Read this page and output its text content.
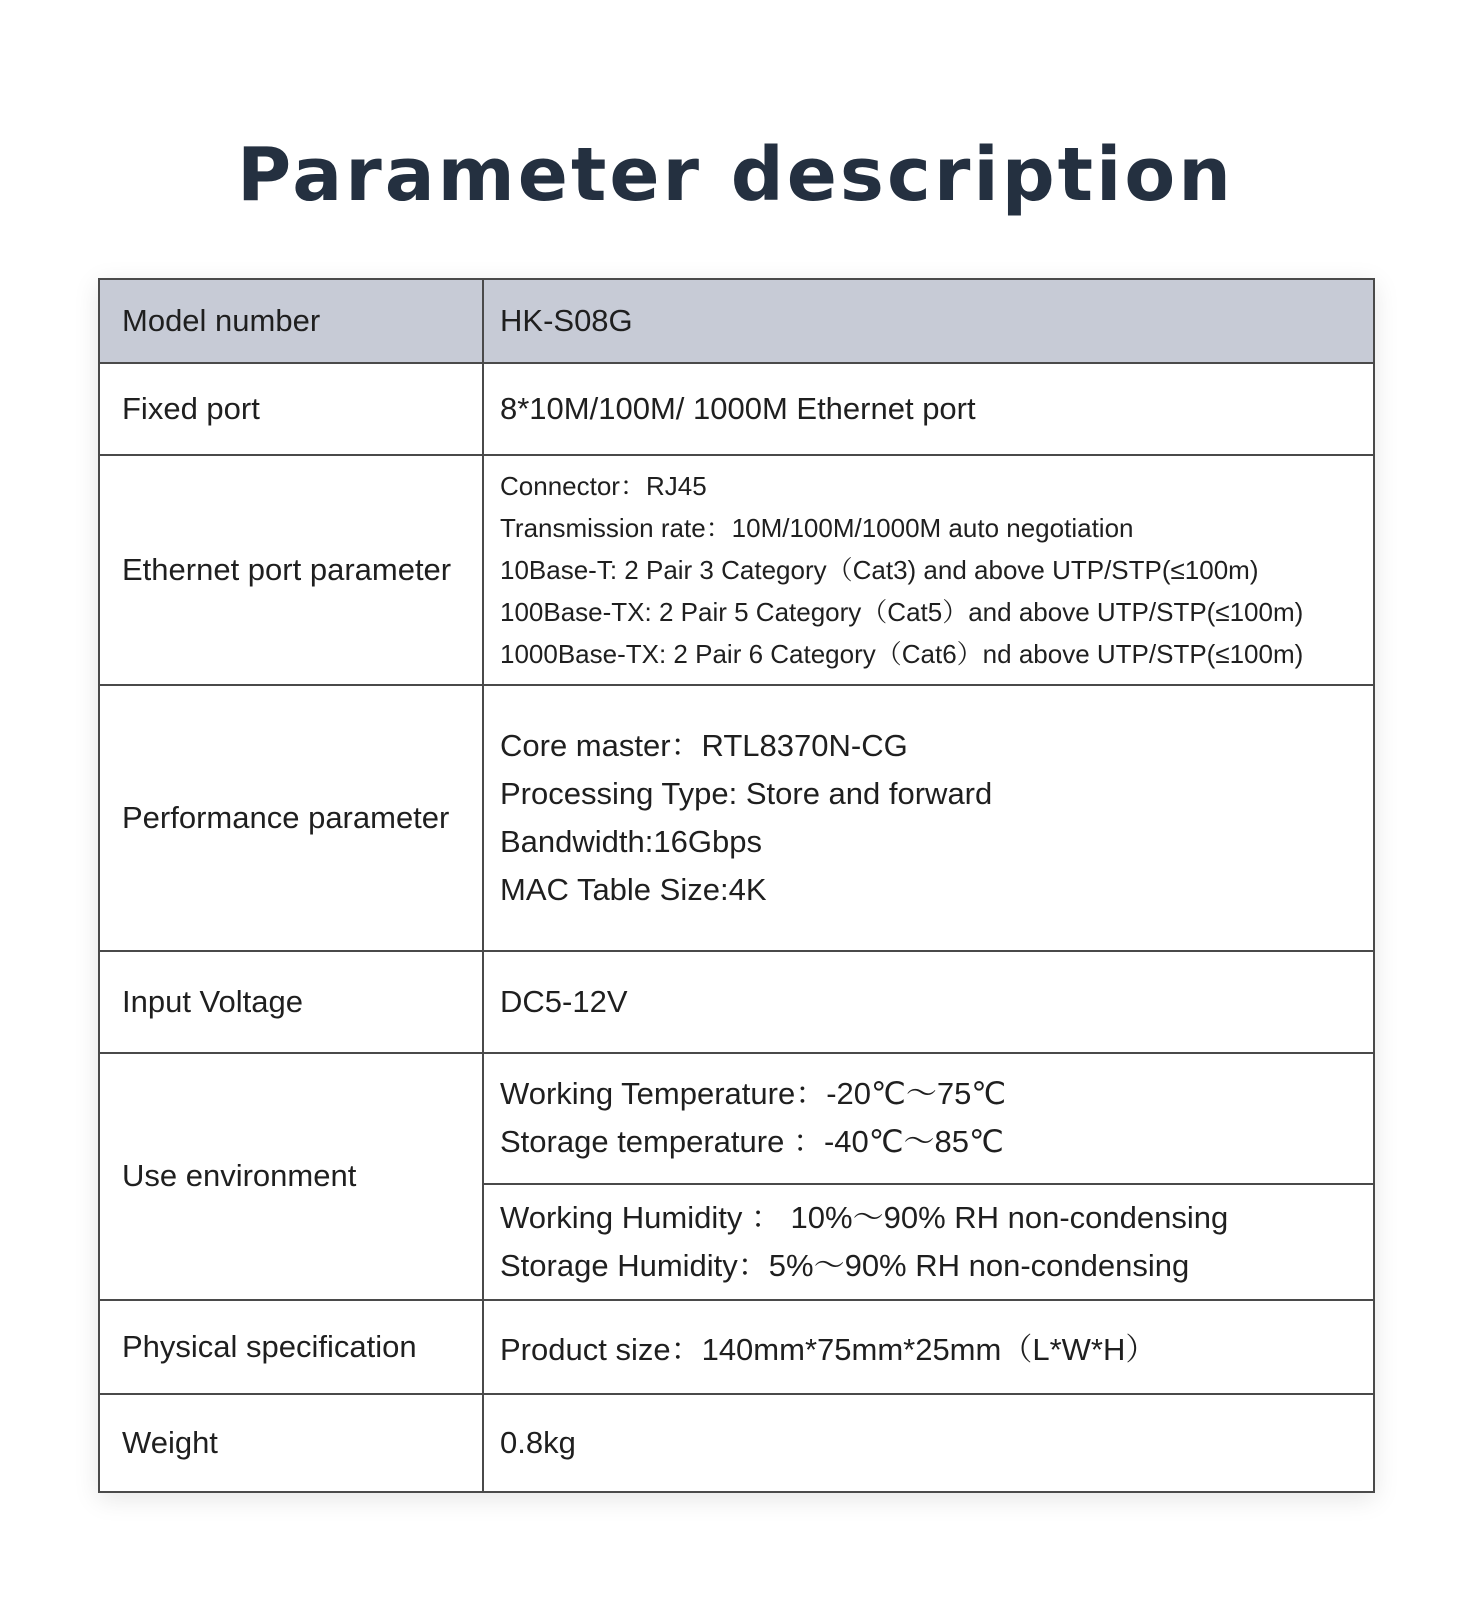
Parameter description
Model number	HK-S08G
Fixed port	8*10M/100M/ 1000M Ethernet port
Ethernet port parameter	Connector：RJ45
Transmission rate：10M/100M/1000M auto negotiation
10Base-T: 2 Pair 3 Category（Cat3) and above UTP/STP(≤100m)
100Base-TX: 2 Pair 5 Category（Cat5）and above UTP/STP(≤100m)
1000Base-TX: 2 Pair 6 Category（Cat6）nd above UTP/STP(≤100m)

Performance parameter	Core master：RTL8370N-CG
Processing Type: Store and forward
Bandwidth:16Gbps
MAC Table Size:4K

Input Voltage	DC5-12V
Use environment	Working Temperature：-20℃～75℃
Storage temperature ：-40℃～85℃

	Working Humidity ： 10%～90% RH non-condensing
Storage Humidity：5%～90% RH non-condensing

Physical specification	Product size：140mm*75mm*25mm（L*W*H）
Weight	0.8kg
